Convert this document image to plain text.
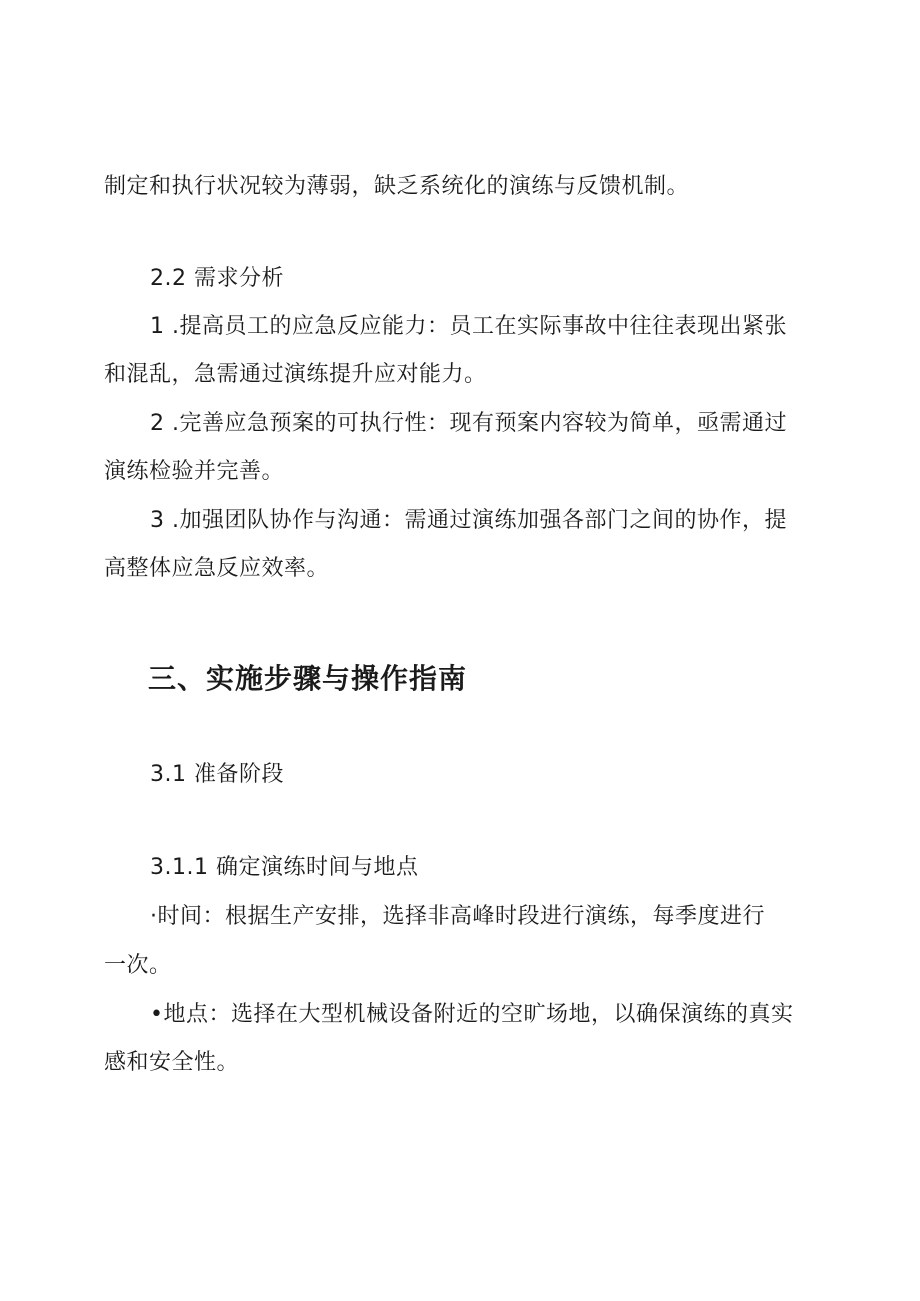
制定和执行状况较为薄弱，缺乏系统化的演练与反馈机制。
2.2 需求分析
1 .提高员工的应急反应能力：员工在实际事故中往往表现出紧张
和混乱，急需通过演练提升应对能力。
2 .完善应急预案的可执行性：现有预案内容较为简单，亟需通过
演练检验并完善。
3 .加强团队协作与沟通：需通过演练加强各部门之间的协作，提
高整体应急反应效率。
三、实施步骤与操作指南
3.1 准备阶段
3.1.1 确定演练时间与地点
·时间：根据生产安排，选择非高峰时段进行演练，每季度进行
一次。
•地点：选择在大型机械设备附近的空旷场地，以确保演练的真实
感和安全性。
